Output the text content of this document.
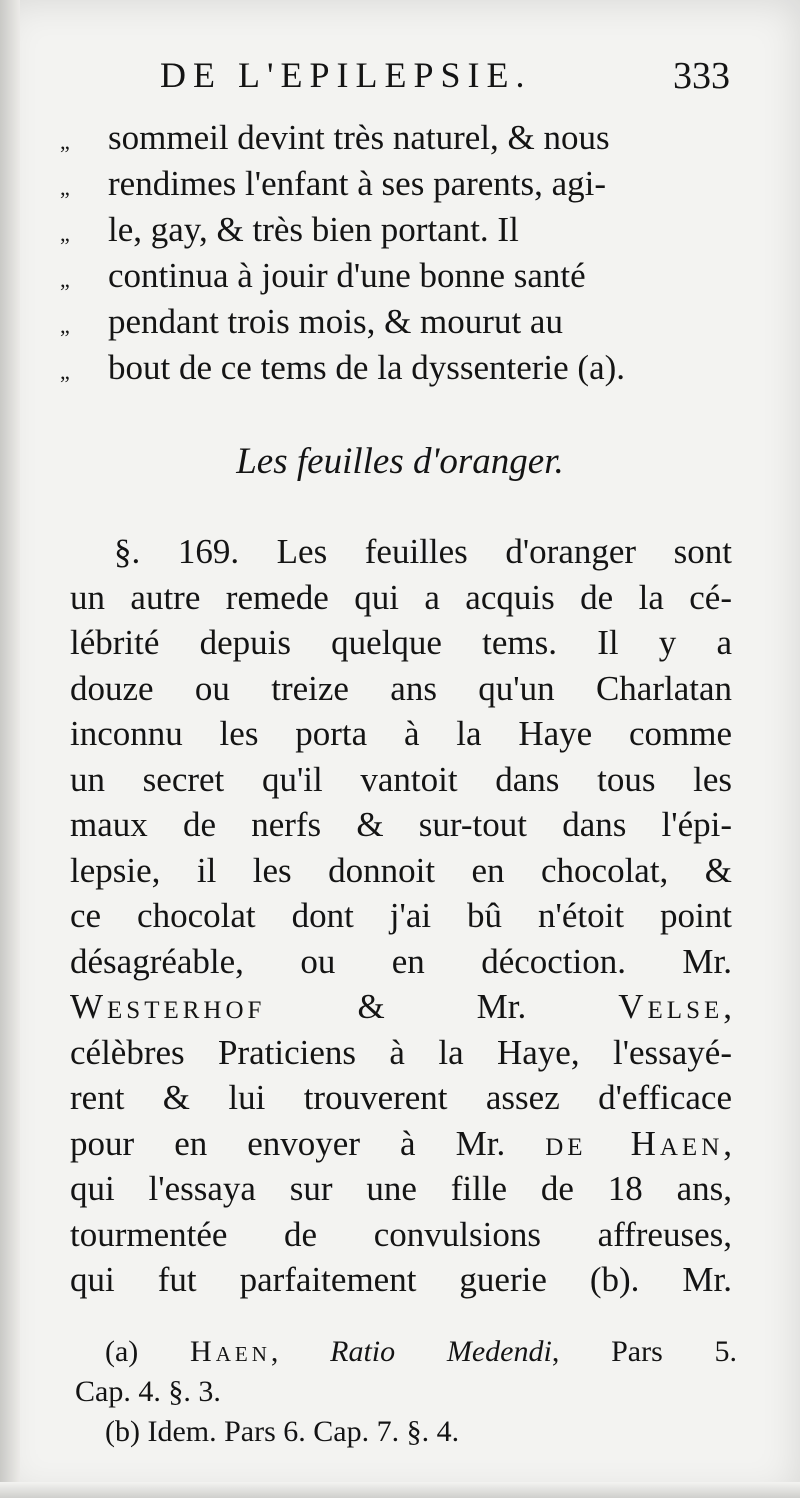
DE L'EPILEPSIE.	333
„	sommeil devint très naturel, & nous
„	rendimes l'enfant à ses parents, agi-
„	le, gay, & très bien portant. Il
„	continua à jouir d'une bonne santé
„	pendant trois mois, & mourut au
„	bout de ce tems de la dyssenterie (a).
Les feuilles d'oranger.
§. 169. Les feuilles d'oranger sont
un autre remede qui a acquis de la cé-
lébrité depuis quelque tems. Il y a
douze ou treize ans qu'un Charlatan
inconnu les porta à la Haye comme
un secret qu'il vantoit dans tous les
maux de nerfs & sur-tout dans l'épi-
lepsie, il les donnoit en chocolat, &
ce chocolat dont j'ai bû n'étoit point
désagréable, ou en décoction. Mr.
Westerhof & Mr. Velse,
célèbres Praticiens à la Haye, l'essayé-
rent & lui trouverent assez d'efficace
pour en envoyer à Mr. de Haen,
qui l'essaya sur une fille de 18 ans,
tourmentée de convulsions affreuses,
qui fut parfaitement guerie (b). Mr.
(a) Haen, Ratio Medendi, Pars 5.
Cap. 4. §. 3.
(b) Idem. Pars 6. Cap. 7. §. 4.
